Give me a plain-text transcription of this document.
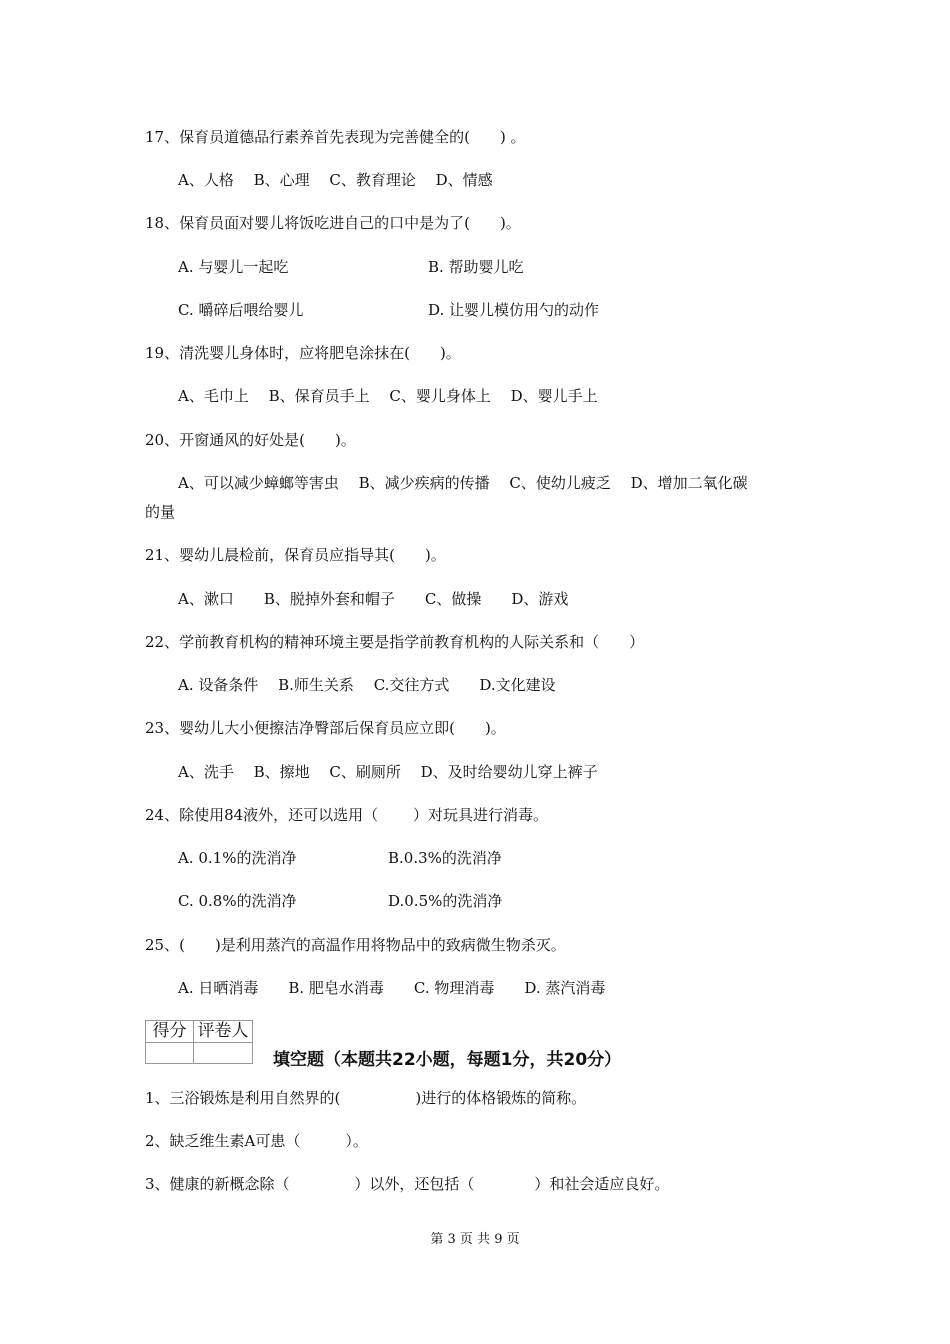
17、保育员道德品行素养首先表现为完善健全的(　　) 。
A、人格　 B、心理　 C、教育理论　 D、情感
18、保育员面对婴儿将饭吃进自己的口中是为了(　　)。
A. 与婴儿一起吃	B. 帮助婴儿吃
C. 嚼碎后喂给婴儿	D. 让婴儿模仿用勺的动作
19、清洗婴儿身体时，应将肥皂涂抹在(　　)。
A、毛巾上　 B、保育员手上　 C、婴儿身体上　 D、婴儿手上
20、开窗通风的好处是(　　)。
A、可以减少蟑螂等害虫　 B、减少疾病的传播　 C、使幼儿疲乏　 D、增加二氧化碳
的量
21、婴幼儿晨检前，保育员应指导其(　　)。
A、漱口　　B、脱掉外套和帽子　　C、做操　　D、游戏
22、学前教育机构的精神环境主要是指学前教育机构的人际关系和（　　）
A. 设备条件　 B.师生关系　 C.交往方式　　D.文化建设
23、婴幼儿大小便擦洁净臀部后保育员应立即(　　)。
A、洗手　 B、擦地　 C、刷厕所　 D、及时给婴幼儿穿上裤子
24、除使用84液外，还可以选用（　　 ）对玩具进行消毒。
A. 0.1%的洗消净	B.0.3%的洗消净
C. 0.8%的洗消净	D.0.5%的洗消净
25、(　　)是利用蒸汽的高温作用将物品中的致病微生物杀灭。
A. 日晒消毒　　B. 肥皂水消毒　　C. 物理消毒　　D. 蒸汽消毒
得分 评卷人
填空题（本题共22小题，每题1分，共20分）
1、三浴锻炼是利用自然界的(　　　　　)进行的体格锻炼的简称。
2、缺乏维生素A可患（　　　）。
3、健康的新概念除（　　　　 ）以外，还包括（　　　　）和社会适应良好。
第 3 页 共 9 页
